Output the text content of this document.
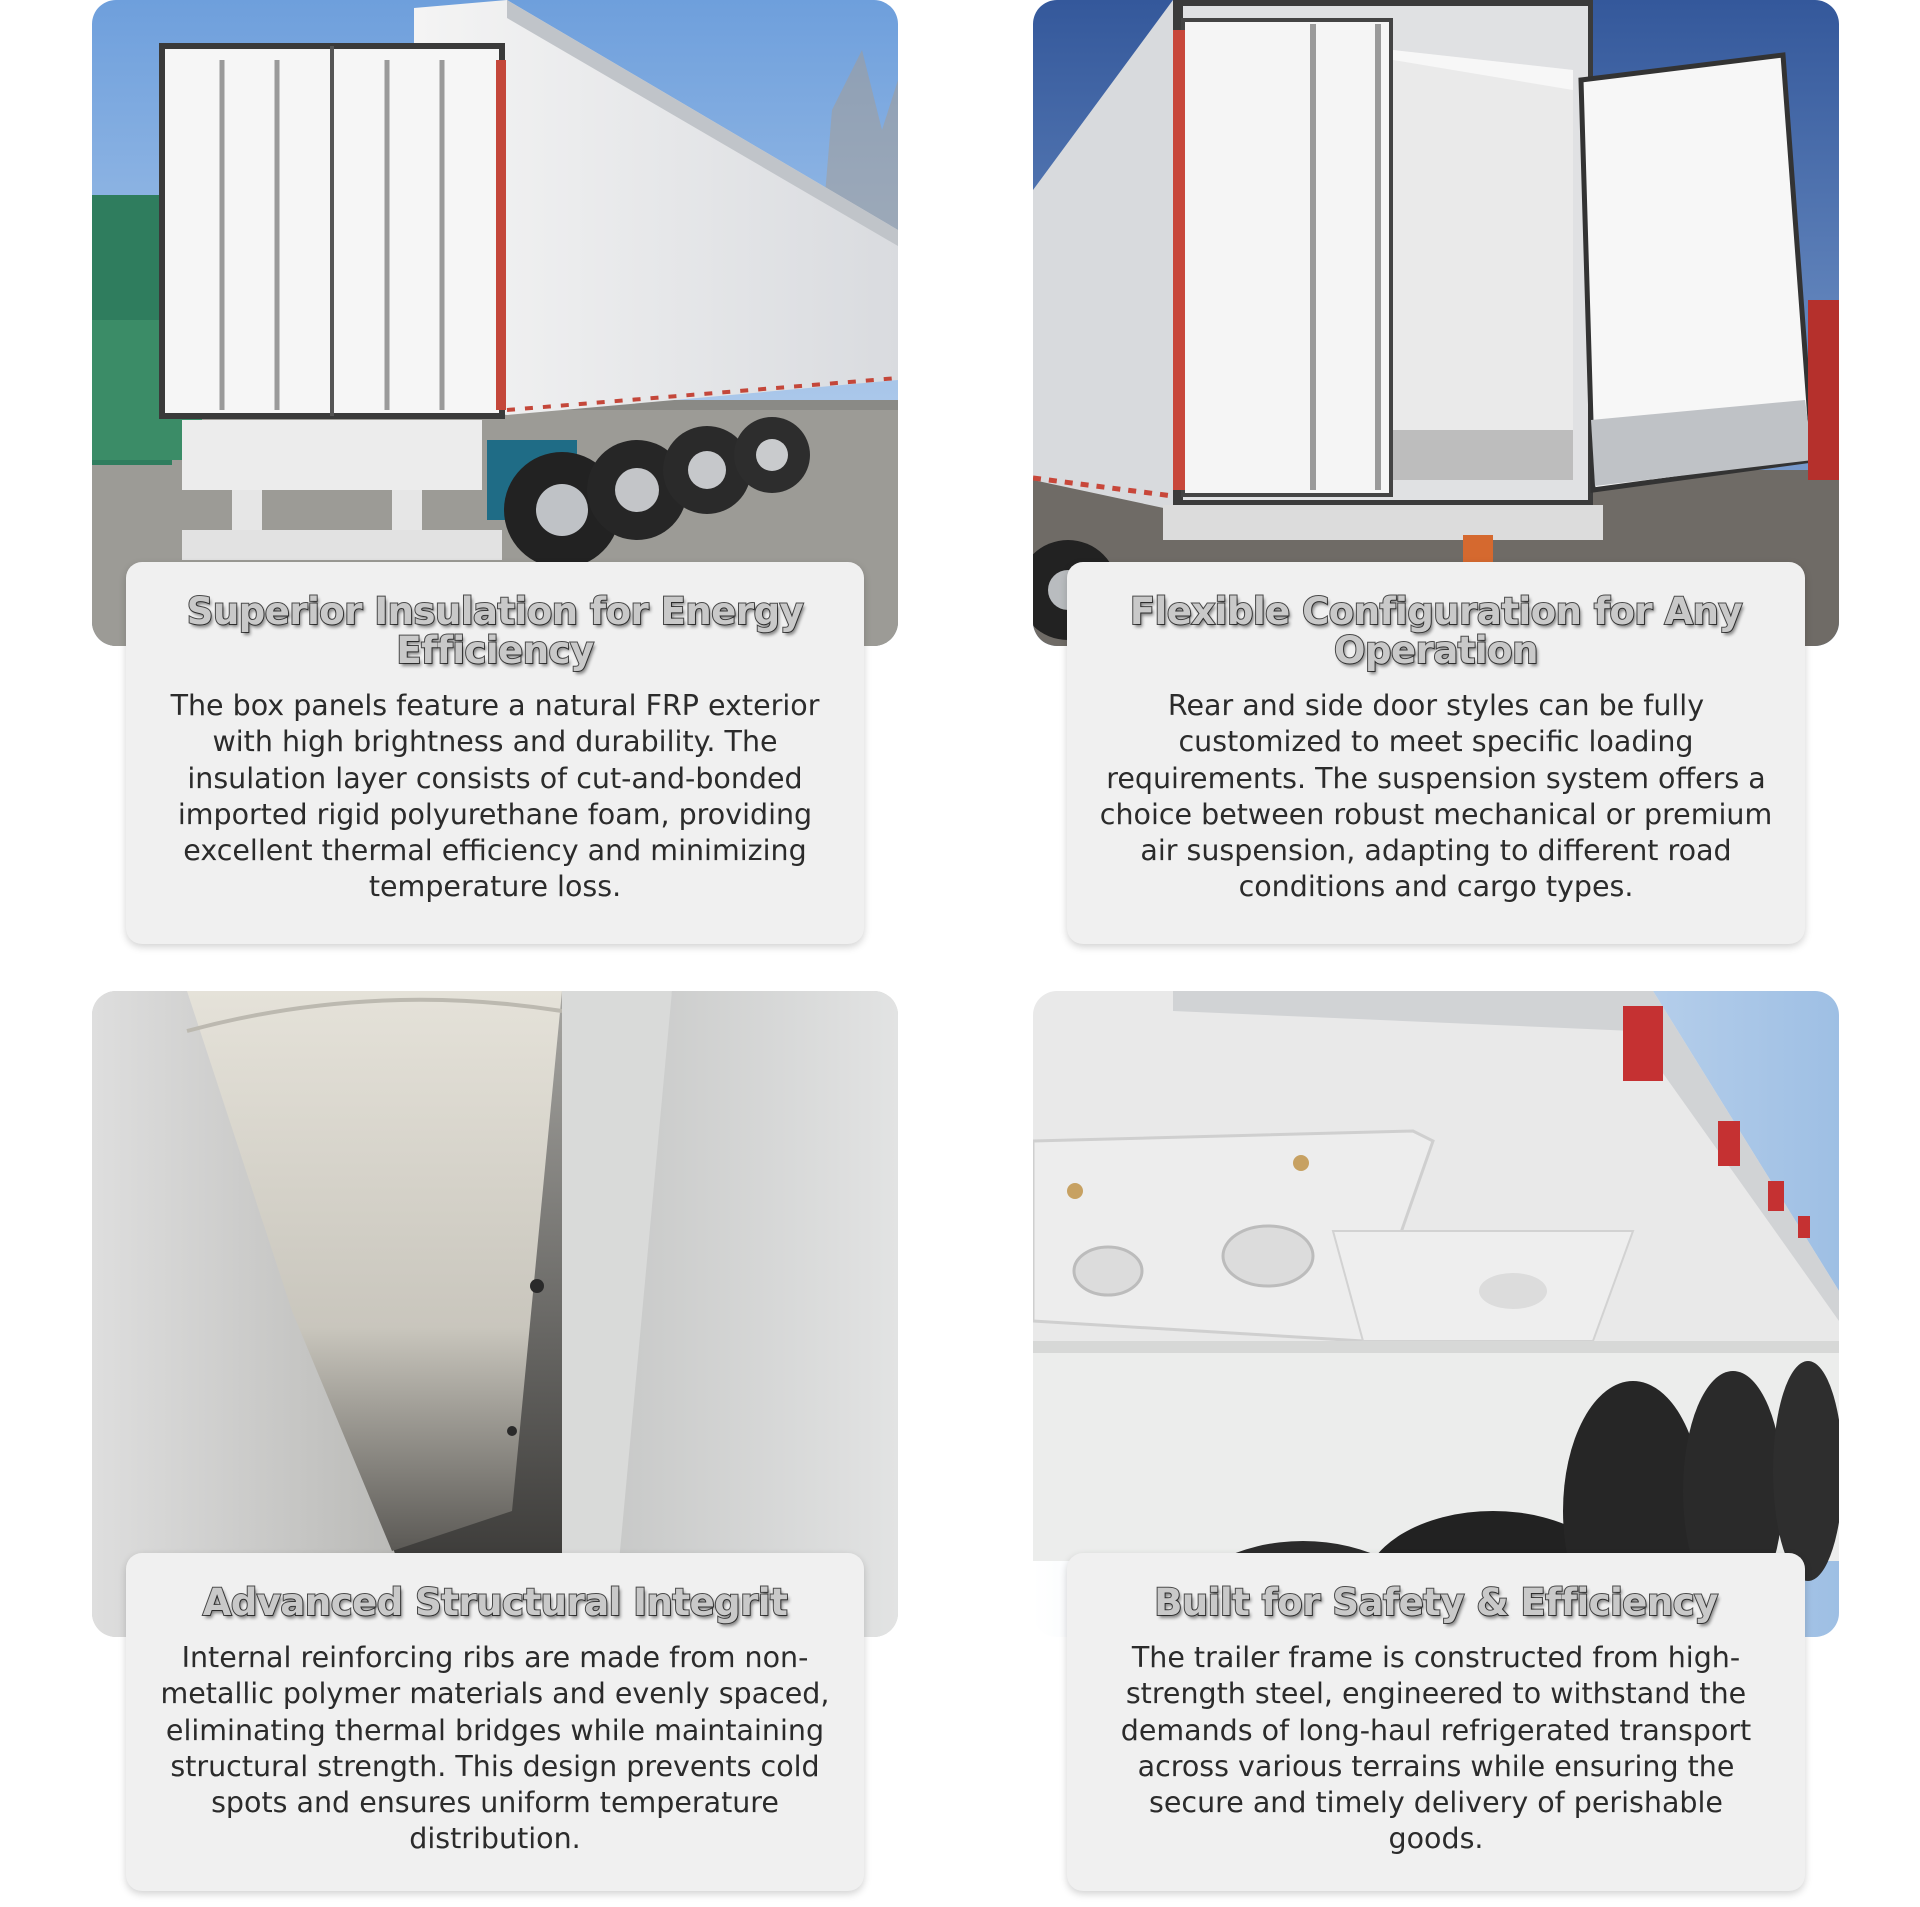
Superior Insulation for Energy Efficiency

The box panels feature a natural FRP exterior with high brightness and durability. The insulation layer consists of cut-and-bonded imported rigid polyurethane foam, providing excellent thermal efficiency and minimizing temperature loss.

Flexible Configuration for Any Operation

Rear and side door styles can be fully customized to meet specific loading requirements. The suspension system offers a choice between robust mechanical or premium air suspension, adapting to different road conditions and cargo types.

Advanced Structural Integrit

Internal reinforcing ribs are made from non-metallic polymer materials and evenly spaced, eliminating thermal bridges while maintaining structural strength. This design prevents cold spots and ensures uniform temperature distribution.

Built for Safety & Efficiency

The trailer frame is constructed from high-strength steel, engineered to withstand the demands of long-haul refrigerated transport across various terrains while ensuring the secure and timely delivery of perishable goods.
